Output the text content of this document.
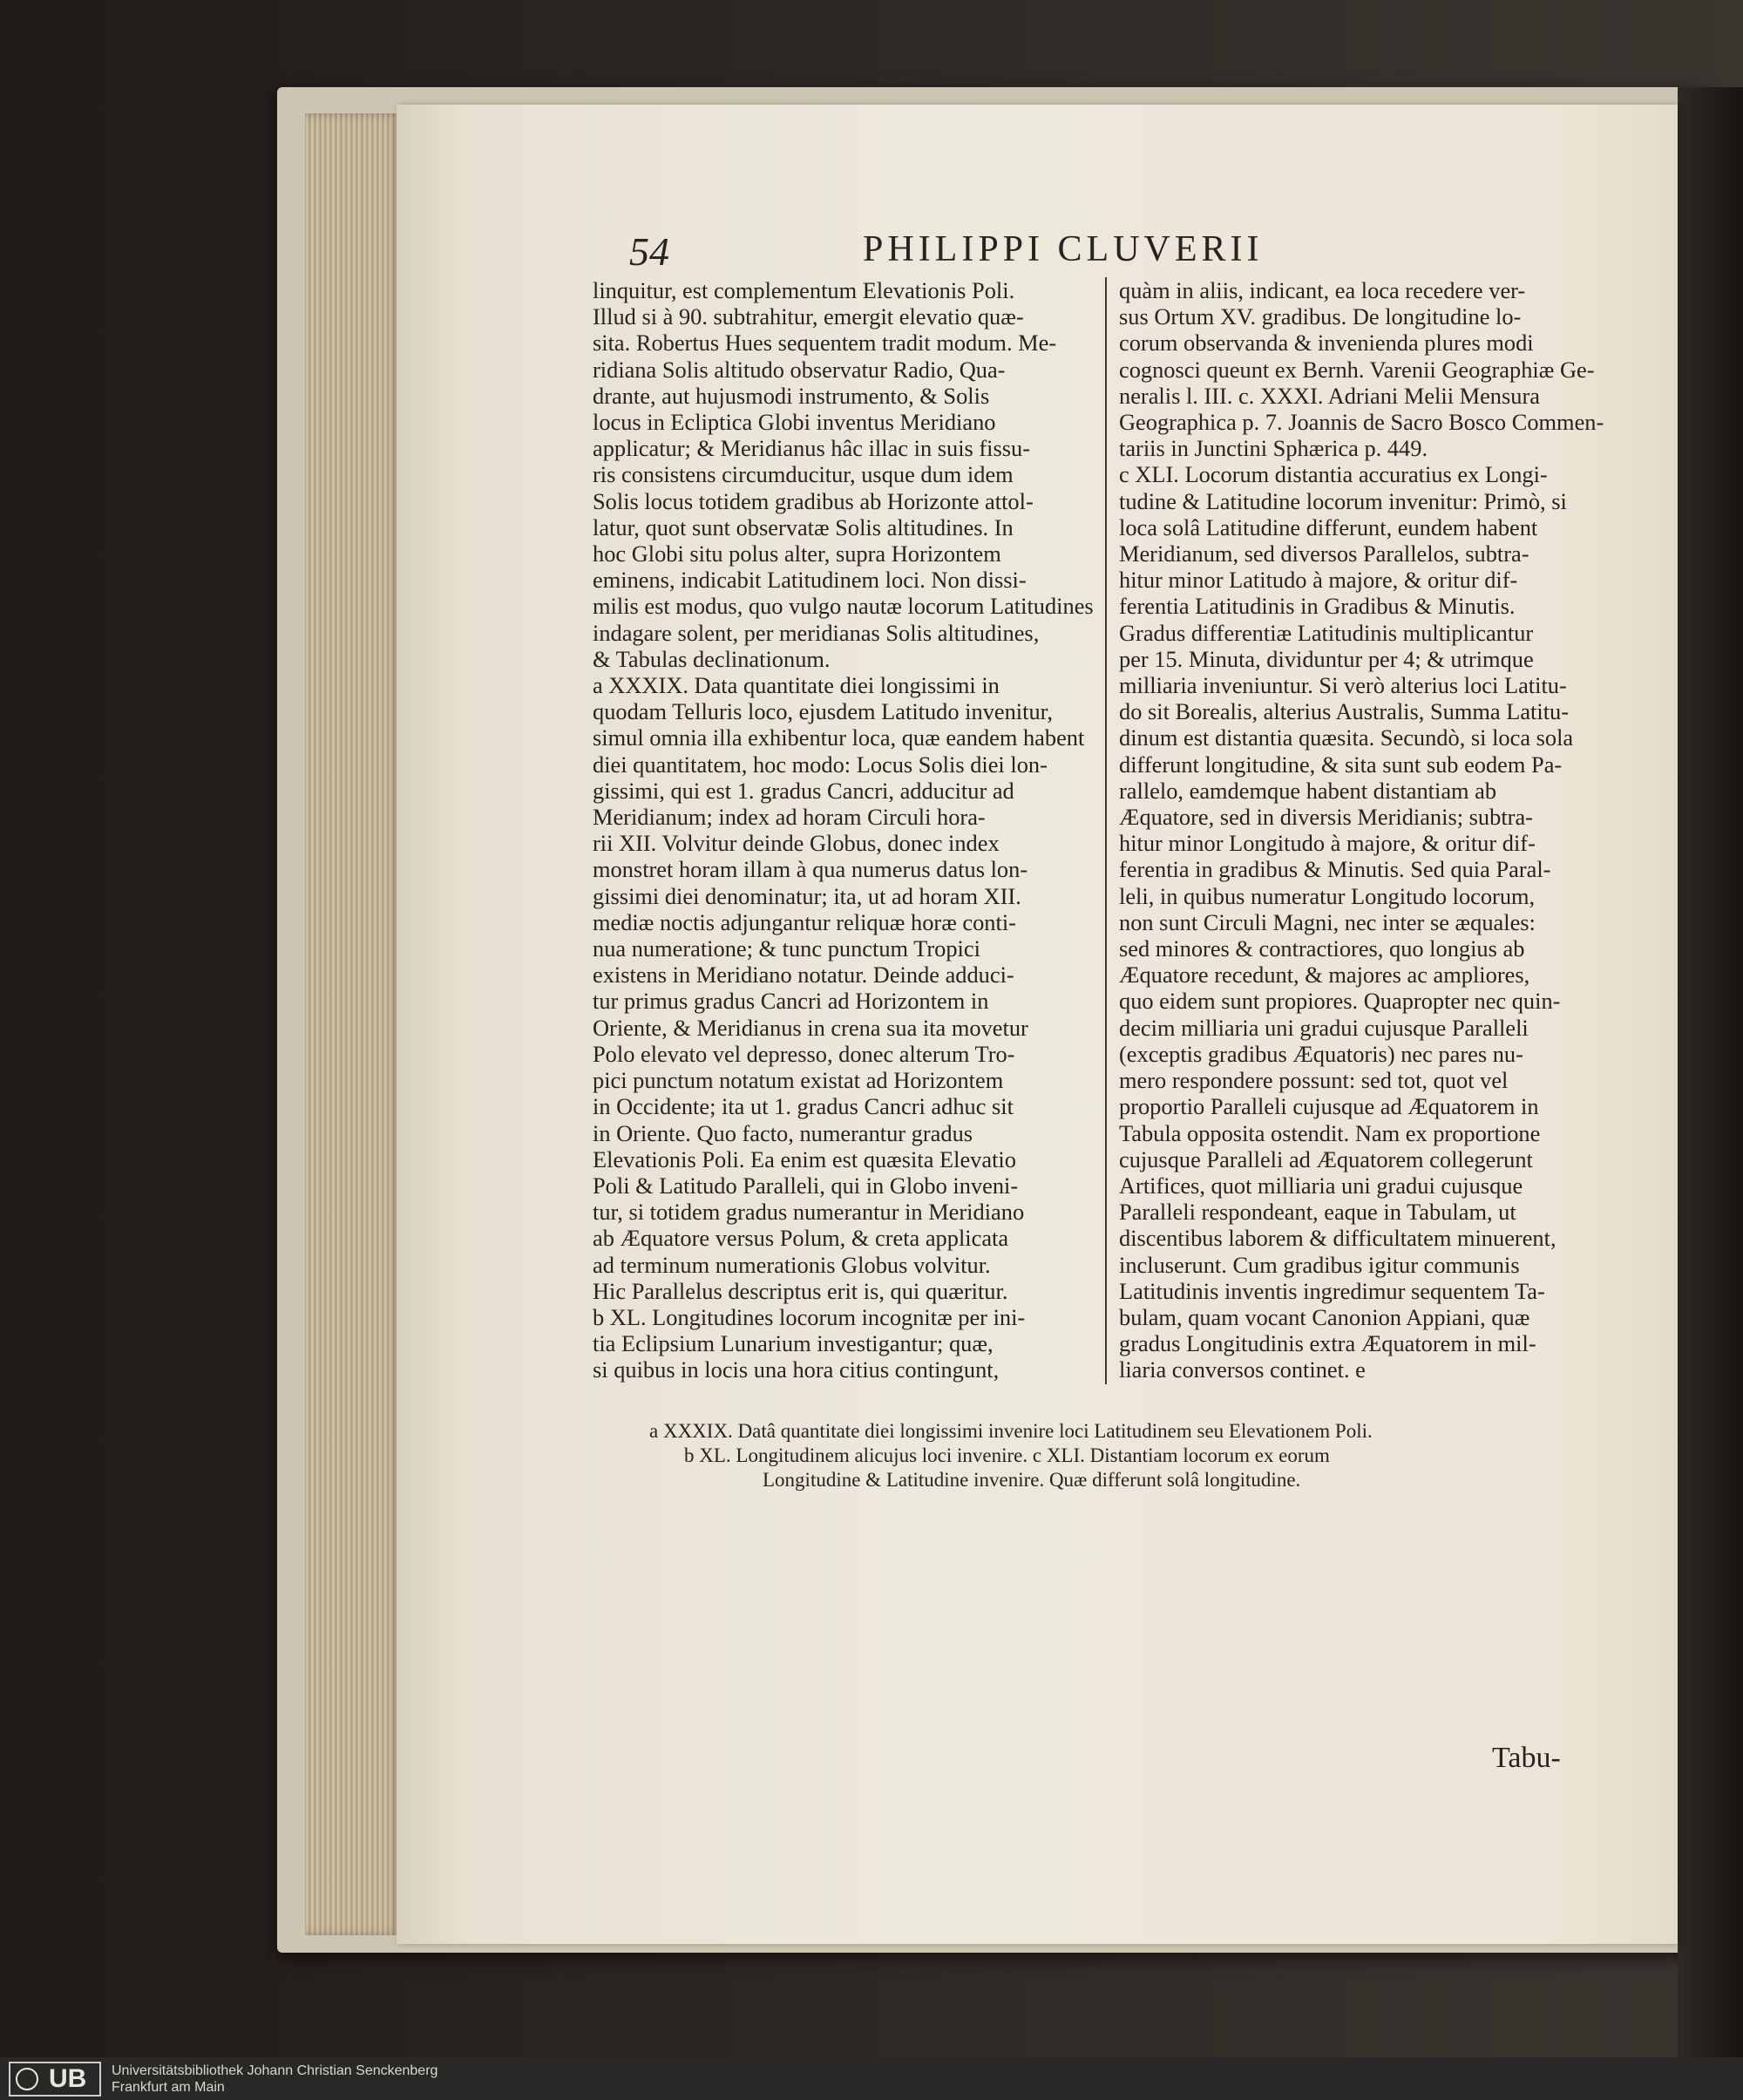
54	PHILIPPI CLUVERII
linquitur, est complementum Elevationis Poli.
Illud si à 90. subtrahitur, emergit elevatio quæ-
sita. Robertus Hues sequentem tradit modum. Me-
ridiana Solis altitudo observatur Radio, Qua-
drante, aut hujusmodi instrumento, & Solis
locus in Ecliptica Globi inventus Meridiano
applicatur; & Meridianus hâc illac in suis fissu-
ris consistens circumducitur, usque dum idem
Solis locus totidem gradibus ab Horizonte attol-
latur, quot sunt observatæ Solis altitudines. In
hoc Globi situ polus alter, supra Horizontem
eminens, indicabit Latitudinem loci. Non dissi-
milis est modus, quo vulgo nautæ locorum Latitudines
indagare solent, per meridianas Solis altitudines,
& Tabulas declinationum.
a XXXIX. Data quantitate diei longissimi in
quodam Telluris loco, ejusdem Latitudo invenitur,
simul omnia illa exhibentur loca, quæ eandem habent
diei quantitatem, hoc modo: Locus Solis diei lon-
gissimi, qui est 1. gradus Cancri, adducitur ad
Meridianum; index ad horam Circuli hora-
rii XII. Volvitur deinde Globus, donec index
monstret horam illam à qua numerus datus lon-
gissimi diei denominatur; ita, ut ad horam XII.
mediæ noctis adjungantur reliquæ horæ conti-
nua numeratione; & tunc punctum Tropici
existens in Meridiano notatur. Deinde adduci-
tur primus gradus Cancri ad Horizontem in
Oriente, & Meridianus in crena sua ita movetur
Polo elevato vel depresso, donec alterum Tro-
pici punctum notatum existat ad Horizontem
in Occidente; ita ut 1. gradus Cancri adhuc sit
in Oriente. Quo facto, numerantur gradus
Elevationis Poli. Ea enim est quæsita Elevatio
Poli & Latitudo Paralleli, qui in Globo inveni-
tur, si totidem gradus numerantur in Meridiano
ab Æquatore versus Polum, & creta applicata
ad terminum numerationis Globus volvitur.
Hic Parallelus descriptus erit is, qui quæritur.
b XL. Longitudines locorum incognitæ per ini-
tia Eclipsium Lunarium investigantur; quæ,
si quibus in locis una hora citius contingunt,
quàm in aliis, indicant, ea loca recedere ver-
sus Ortum XV. gradibus. De longitudine lo-
corum observanda & invenienda plures modi
cognosci queunt ex Bernh. Varenii Geographiæ Ge-
neralis l. III. c. XXXI. Adriani Melii Mensura
Geographica p. 7. Joannis de Sacro Bosco Commen-
tariis in Junctini Sphærica p. 449.
c XLI. Locorum distantia accuratius ex Longi-
tudine & Latitudine locorum invenitur: Primò, si
loca solâ Latitudine differunt, eundem habent
Meridianum, sed diversos Parallelos, subtra-
hitur minor Latitudo à majore, & oritur dif-
ferentia Latitudinis in Gradibus & Minutis.
Gradus differentiæ Latitudinis multiplicantur
per 15. Minuta, dividuntur per 4; & utrimque
milliaria inveniuntur. Si verò alterius loci Latitu-
do sit Borealis, alterius Australis, Summa Latitu-
dinum est distantia quæsita. Secundò, si loca sola
differunt longitudine, & sita sunt sub eodem Pa-
rallelo, eamdemque habent distantiam ab
Æquatore, sed in diversis Meridianis; subtra-
hitur minor Longitudo à majore, & oritur dif-
ferentia in gradibus & Minutis. Sed quia Paral-
leli, in quibus numeratur Longitudo locorum,
non sunt Circuli Magni, nec inter se æquales:
sed minores & contractiores, quo longius ab
Æquatore recedunt, & majores ac ampliores,
quo eidem sunt propiores. Quapropter nec quin-
decim milliaria uni gradui cujusque Paralleli
(exceptis gradibus Æquatoris) nec pares nu-
mero respondere possunt: sed tot, quot vel
proportio Paralleli cujusque ad Æquatorem in
Tabula opposita ostendit. Nam ex proportione
cujusque Paralleli ad Æquatorem collegerunt
Artifices, quot milliaria uni gradui cujusque
Paralleli respondeant, eaque in Tabulam, ut
discentibus laborem & difficultatem minuerent,
incluserunt. Cum gradibus igitur communis
Latitudinis inventis ingredimur sequentem Ta-
bulam, quam vocant Canonion Appiani, quæ
gradus Longitudinis extra Æquatorem in mil-
liaria conversos continet. e
a XXXIX. Datâ quantitate diei longissimi invenire loci Latitudinem seu Elevationem Poli.
b XL. Longitudinem alicujus loci invenire. c XLI. Distantiam locorum ex eorum
Longitudine & Latitudine invenire. Quæ differunt solâ longitudine.
Tabu-
UB	Universitätsbibliothek Johann Christian Senckenberg
Frankfurt am Main
